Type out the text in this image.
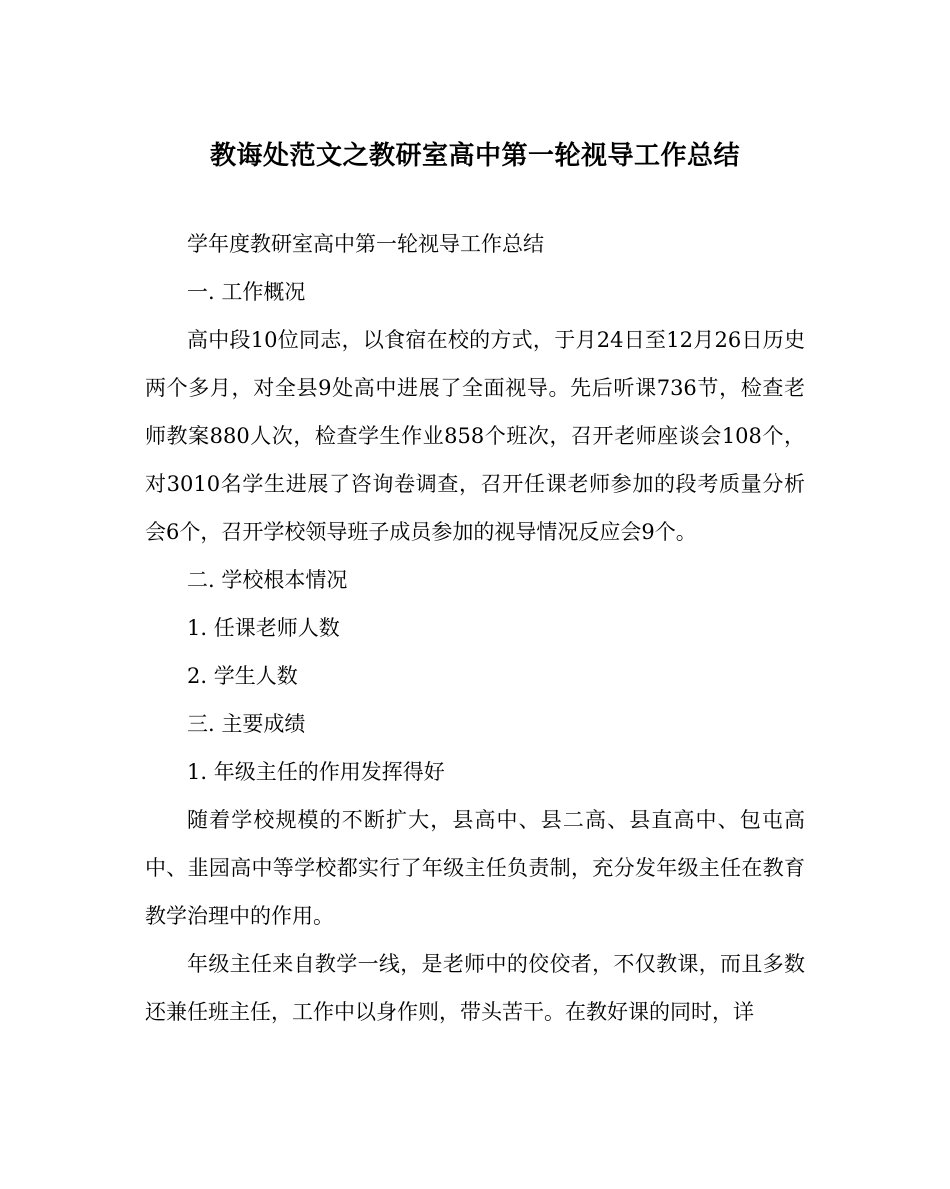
教诲处范文之教研室高中第一轮视导工作总结

学年度教研室高中第一轮视导工作总结

一. 工作概况

高中段10位同志，以食宿在校的方式，于月24日至12月26日历史两个多月，对全县9处高中进展了全面视导。先后听课736节，检查老师教案880人次，检查学生作业858个班次，召开老师座谈会108个，对3010名学生进展了咨询卷调查，召开任课老师参加的段考质量分析会6个，召开学校领导班子成员参加的视导情况反应会9个。

二. 学校根本情况

1. 任课老师人数

2. 学生人数

三. 主要成绩

1. 年级主任的作用发挥得好

随着学校规模的不断扩大，县高中、县二高、县直高中、包屯高中、韭园高中等学校都实行了年级主任负责制，充分发年级主任在教育教学治理中的作用。

年级主任来自教学一线，是老师中的佼佼者，不仅教课，而且多数还兼任班主任，工作中以身作则，带头苦干。在教好课的同时，详
